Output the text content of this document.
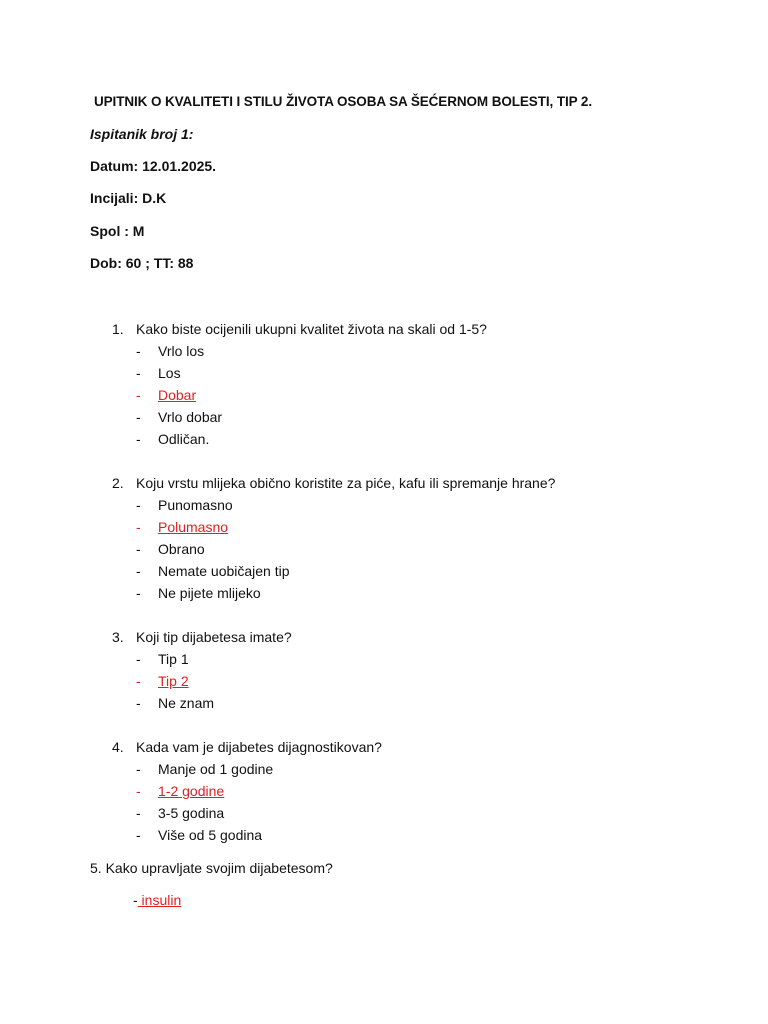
UPITNIK O KVALITETI I STILU ŽIVOTA OSOBA SA ŠEĆERNOM BOLESTI, TIP 2.
Ispitanik broj 1:
Datum: 12.01.2025.
Incijali: D.K
Spol : M
Dob: 60 ; TT: 88
1. Kako biste ocijenili ukupni kvalitet života na skali od 1-5?
- Vrlo los
- Los
- Dobar
- Vrlo dobar
- Odličan.
2. Koju vrstu mlijeka obično koristite za piće, kafu ili spremanje hrane?
- Punomasno
- Polumasno
- Obrano
- Nemate uobičajen tip
- Ne pijete mlijeko
3. Koji tip dijabetesa imate?
- Tip 1
- Tip 2
- Ne znam
4. Kada vam je dijabetes dijagnostikovan?
- Manje od 1 godine
- 1-2 godine
- 3-5 godina
- Više od 5 godina
5. Kako upravljate svojim dijabetesom?
- insulin
